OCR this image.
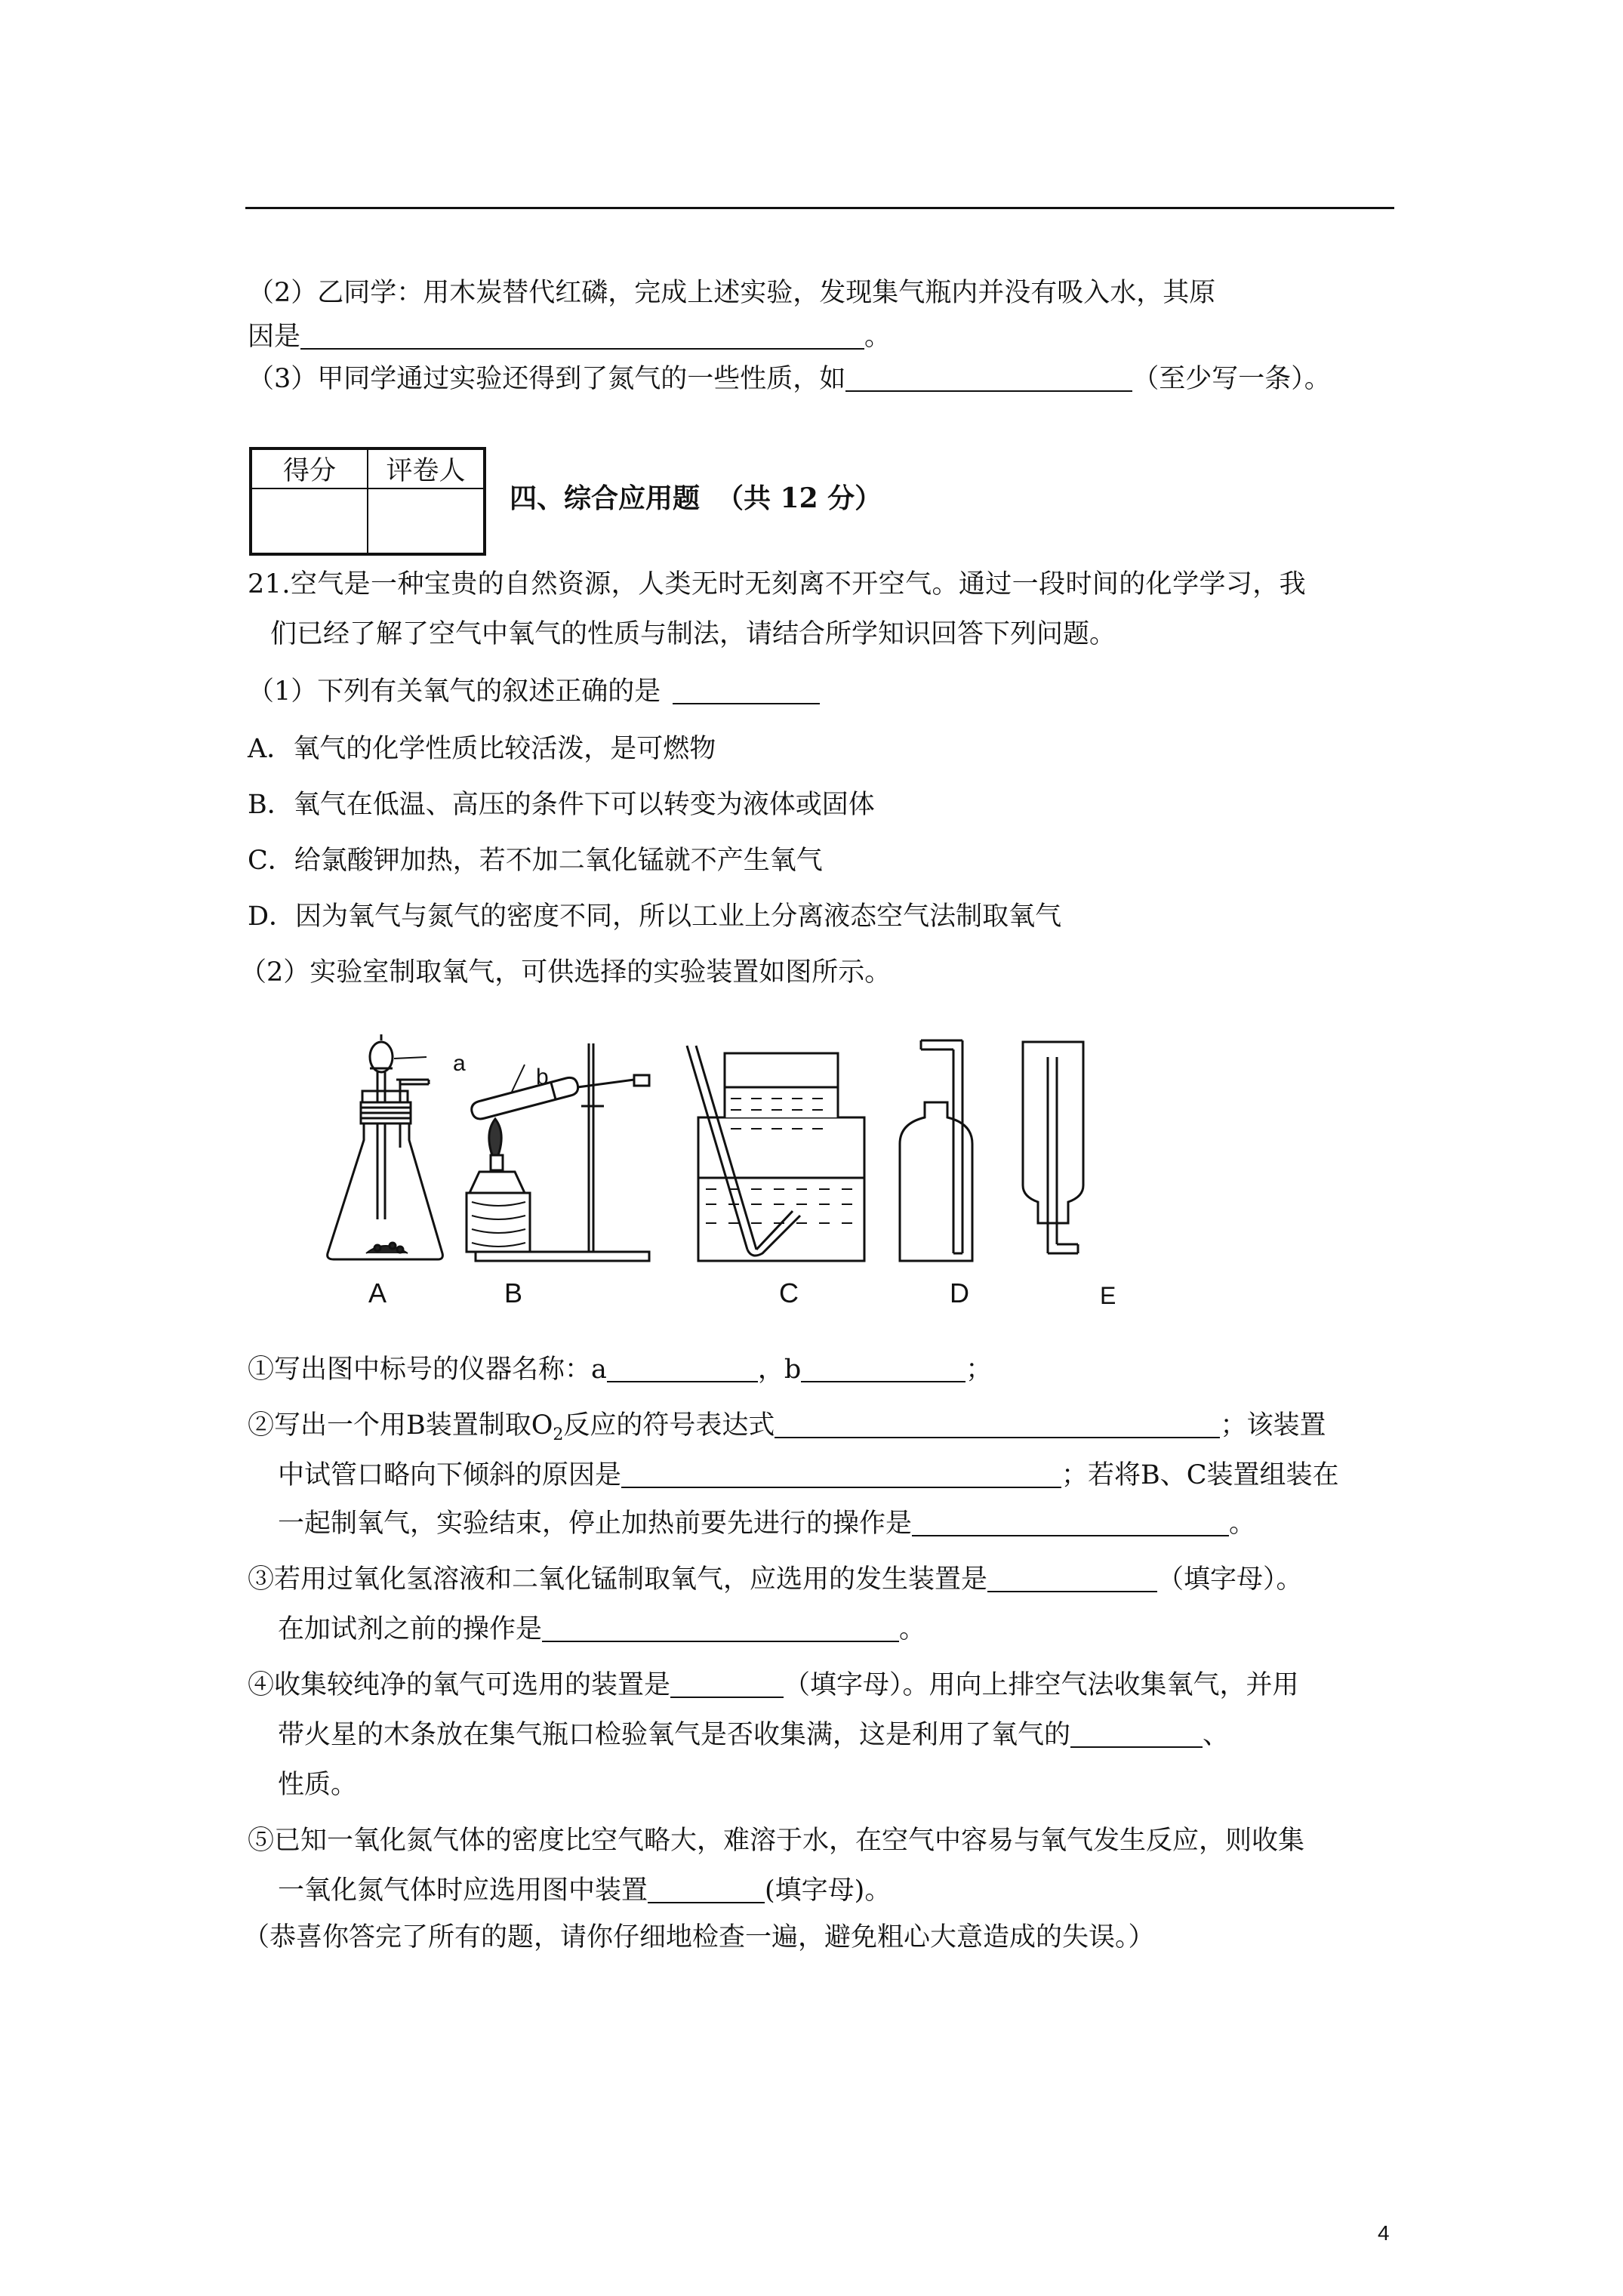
（2）乙同学：用木炭替代红磷，完成上述实验，发现集气瓶内并没有吸入水，其原
因是	。
（3）甲同学通过实验还得到了氮气的一些性质，如	（至少写一条）。
得分	评卷人

四、综合应用题 （共 12 分）
21.空气是一种宝贵的自然资源，人类无时无刻离不开空气。通过一段时间的化学学习，我
们已经了解了空气中氧气的性质与制法，请结合所学知识回答下列问题。
（1）下列有关氧气的叙述正确的是
A．氧气的化学性质比较活泼，是可燃物
B．氧气在低温、高压的条件下可以转变为液体或固体
C．给氯酸钾加热，若不加二氧化锰就不产生氧气
D．因为氧气与氮气的密度不同，所以工业上分离液态空气法制取氧气
（2）实验室制取氧气，可供选择的实验装置如图所示。
a
b
A	B	C	D	E
①写出图中标号的仪器名称：a	，b	；
②写出一个用B装置制取$O_2$反应的符号表达式	；该装置
中试管口略向下倾斜的原因是	；若将B、C装置组装在
一起制氧气，实验结束，停止加热前要先进行的操作是	。
③若用过氧化氢溶液和二氧化锰制取氧气，应选用的发生装置是	（填字母）。
在加试剂之前的操作是	。
④收集较纯净的氧气可选用的装置是	（填字母）。用向上排空气法收集氧气，并用
带火星的木条放在集气瓶口检验氧气是否收集满，这是利用了氧气的	、
性质。
⑤已知一氧化氮气体的密度比空气略大，难溶于水，在空气中容易与氧气发生反应，则收集
一氧化氮气体时应选用图中装置	(填字母)。
（恭喜你答完了所有的题，请你仔细地检查一遍，避免粗心大意造成的失误。）
4
